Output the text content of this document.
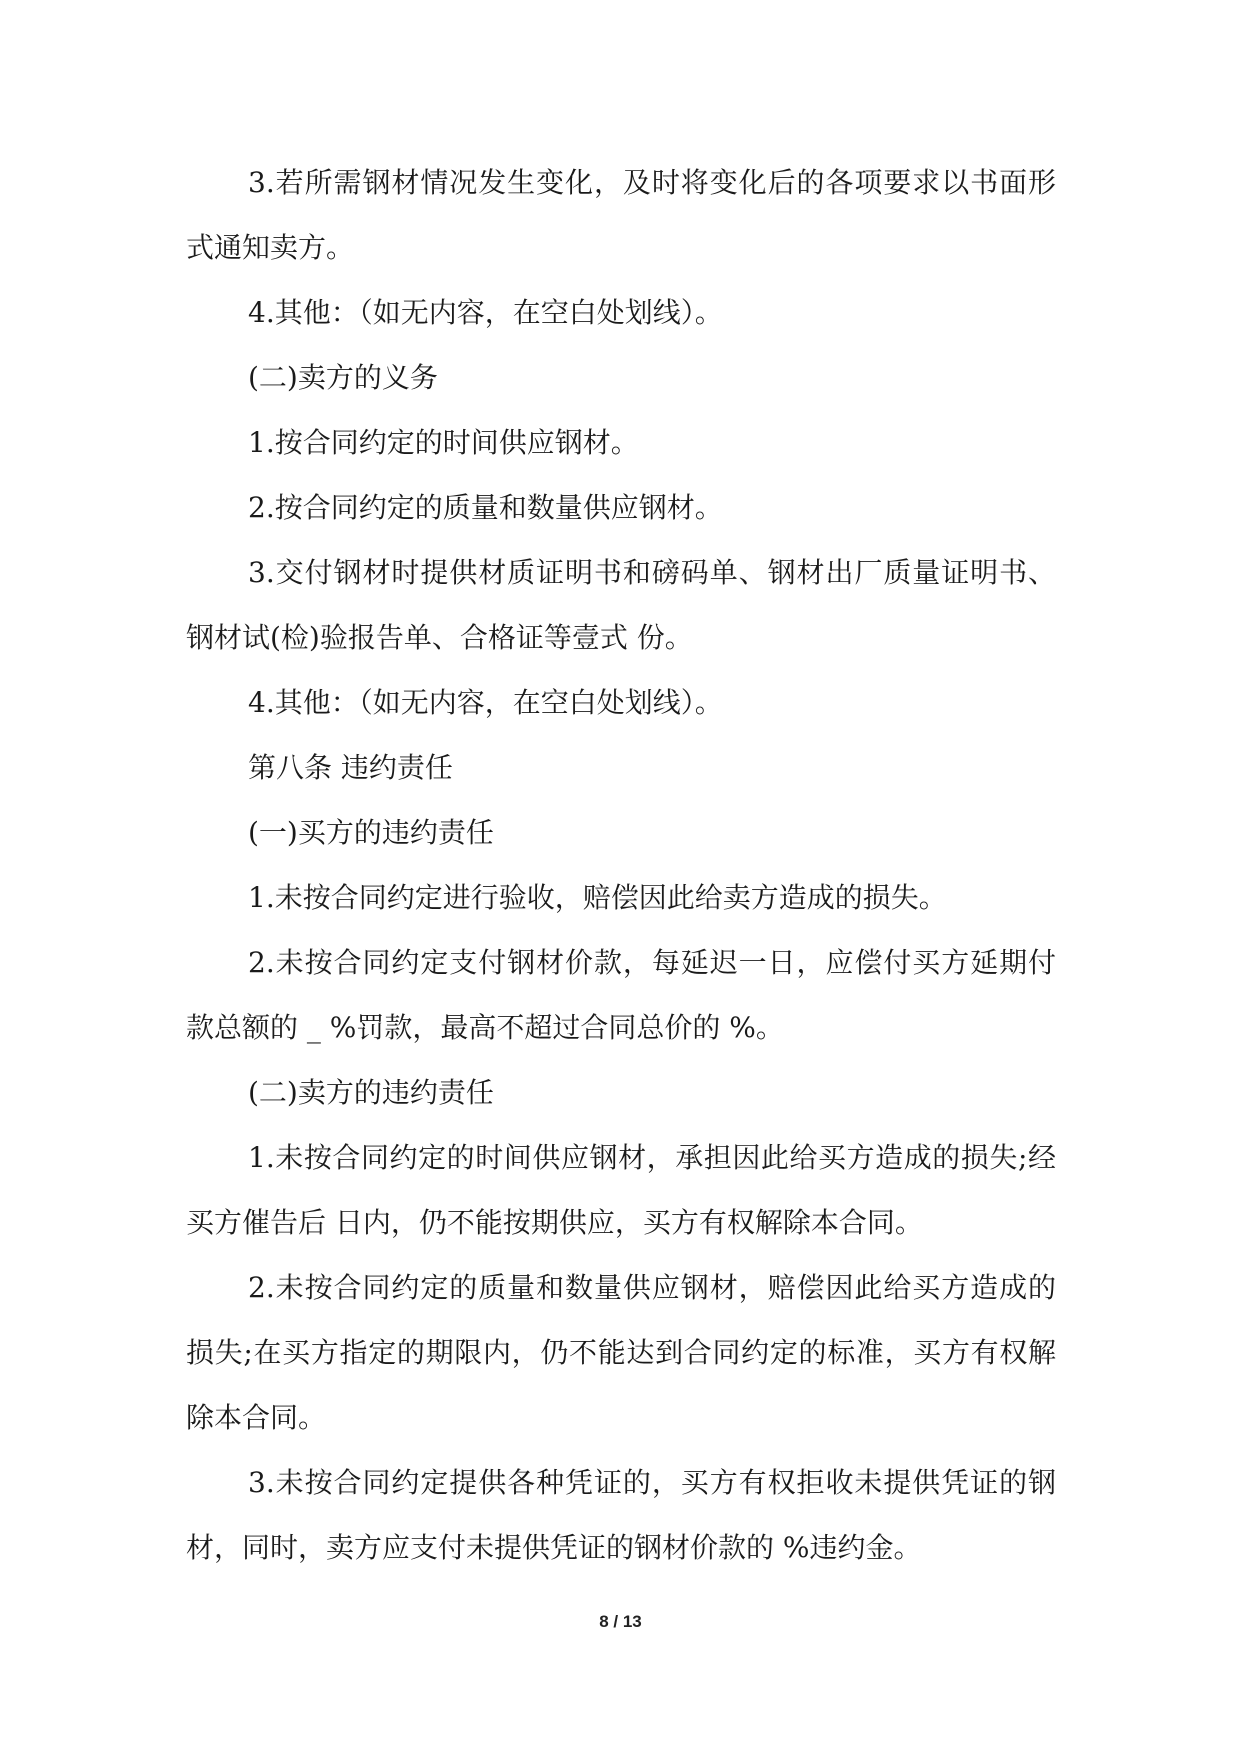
3.若所需钢材情况发生变化，及时将变化后的各项要求以书面形式通知卖方。

4.其他：（如无内容，在空白处划线）。

(二)卖方的义务

1.按合同约定的时间供应钢材。

2.按合同约定的质量和数量供应钢材。

3.交付钢材时提供材质证明书和磅码单、钢材出厂质量证明书、钢材试(检)验报告单、合格证等壹式 份。

4.其他：（如无内容，在空白处划线）。

第八条 违约责任

(一)买方的违约责任

1.未按合同约定进行验收，赔偿因此给卖方造成的损失。

2.未按合同约定支付钢材价款，每延迟一日，应偿付买方延期付款总额的 _ %罚款，最高不超过合同总价的 %。

(二)卖方的违约责任

1.未按合同约定的时间供应钢材，承担因此给买方造成的损失;经买方催告后 日内，仍不能按期供应，买方有权解除本合同。

2.未按合同约定的质量和数量供应钢材，赔偿因此给买方造成的损失;在买方指定的期限内，仍不能达到合同约定的标准，买方有权解除本合同。

3.未按合同约定提供各种凭证的，买方有权拒收未提供凭证的钢材，同时，卖方应支付未提供凭证的钢材价款的 %违约金。

8 / 13
